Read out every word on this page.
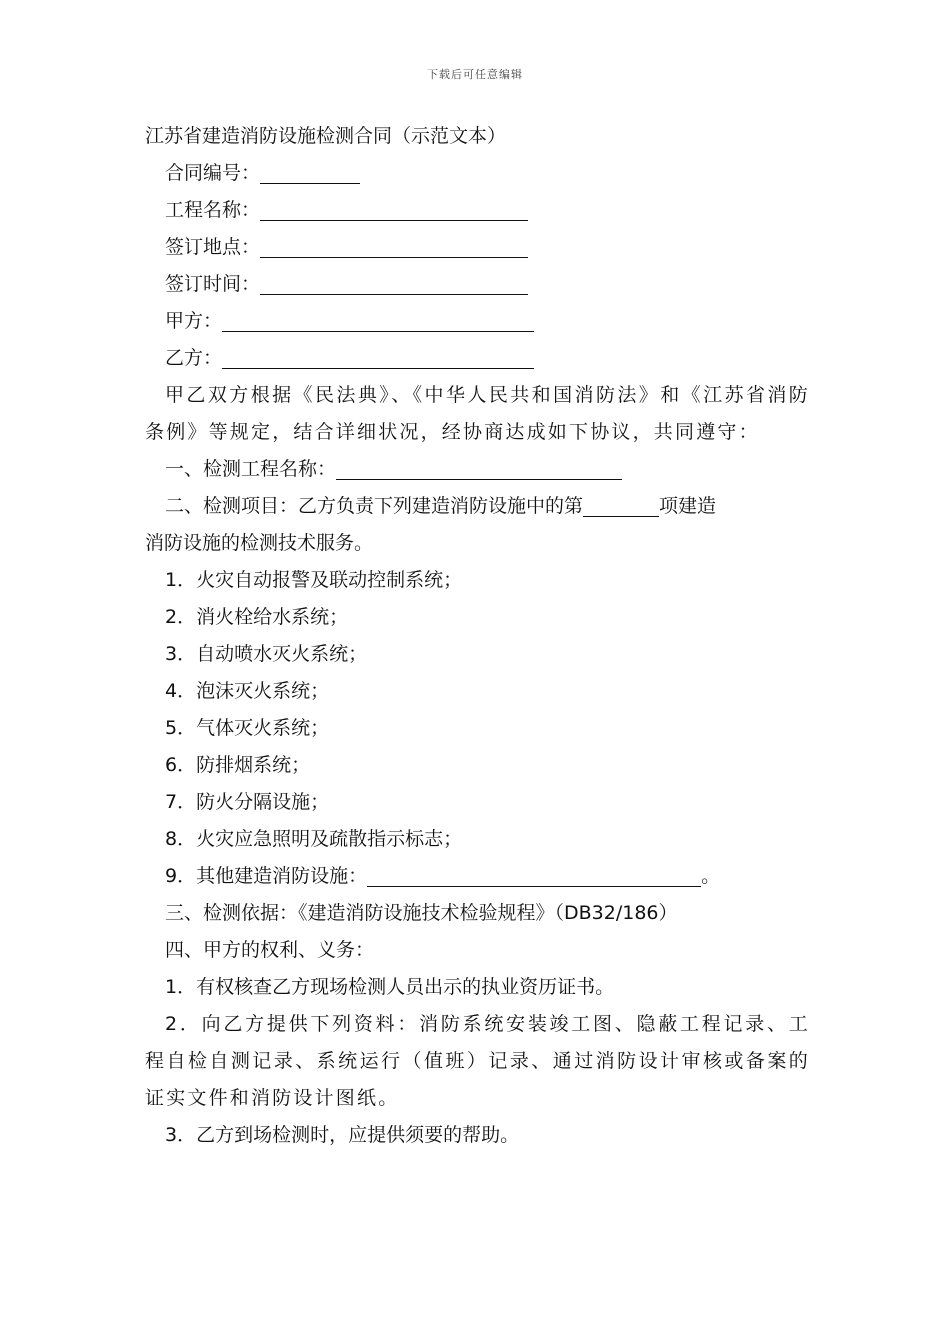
下载后可任意编辑
江苏省建造消防设施检测合同（示范文本）
合同编号：
工程名称：
签订地点：
签订时间：
甲方：
乙方：
甲乙双方根据《民法典》、《中华人民共和国消防法》和《江苏省消防条例》等规定，结合详细状况，经协商达成如下协议，共同遵守：
一、检测工程名称：
二、检测项目：乙方负责下列建造消防设施中的第	项建造
消防设施的检测技术服务。
1．火灾自动报警及联动控制系统；
2．消火栓给水系统；
3．自动喷水灭火系统；
4．泡沫灭火系统；
5．气体灭火系统；
6．防排烟系统；
7．防火分隔设施；
8．火灾应急照明及疏散指示标志；
9．其他建造消防设施：	。
三、检测依据：《建造消防设施技术检验规程》（DB32/186）
四、甲方的权利、义务：
1．有权核查乙方现场检测人员出示的执业资历证书。
2．向乙方提供下列资料：消防系统安装竣工图、隐蔽工程记录、工程自检自测记录、系统运行（值班）记录、通过消防设计审核或备案的证实文件和消防设计图纸。
3．乙方到场检测时，应提供须要的帮助。
